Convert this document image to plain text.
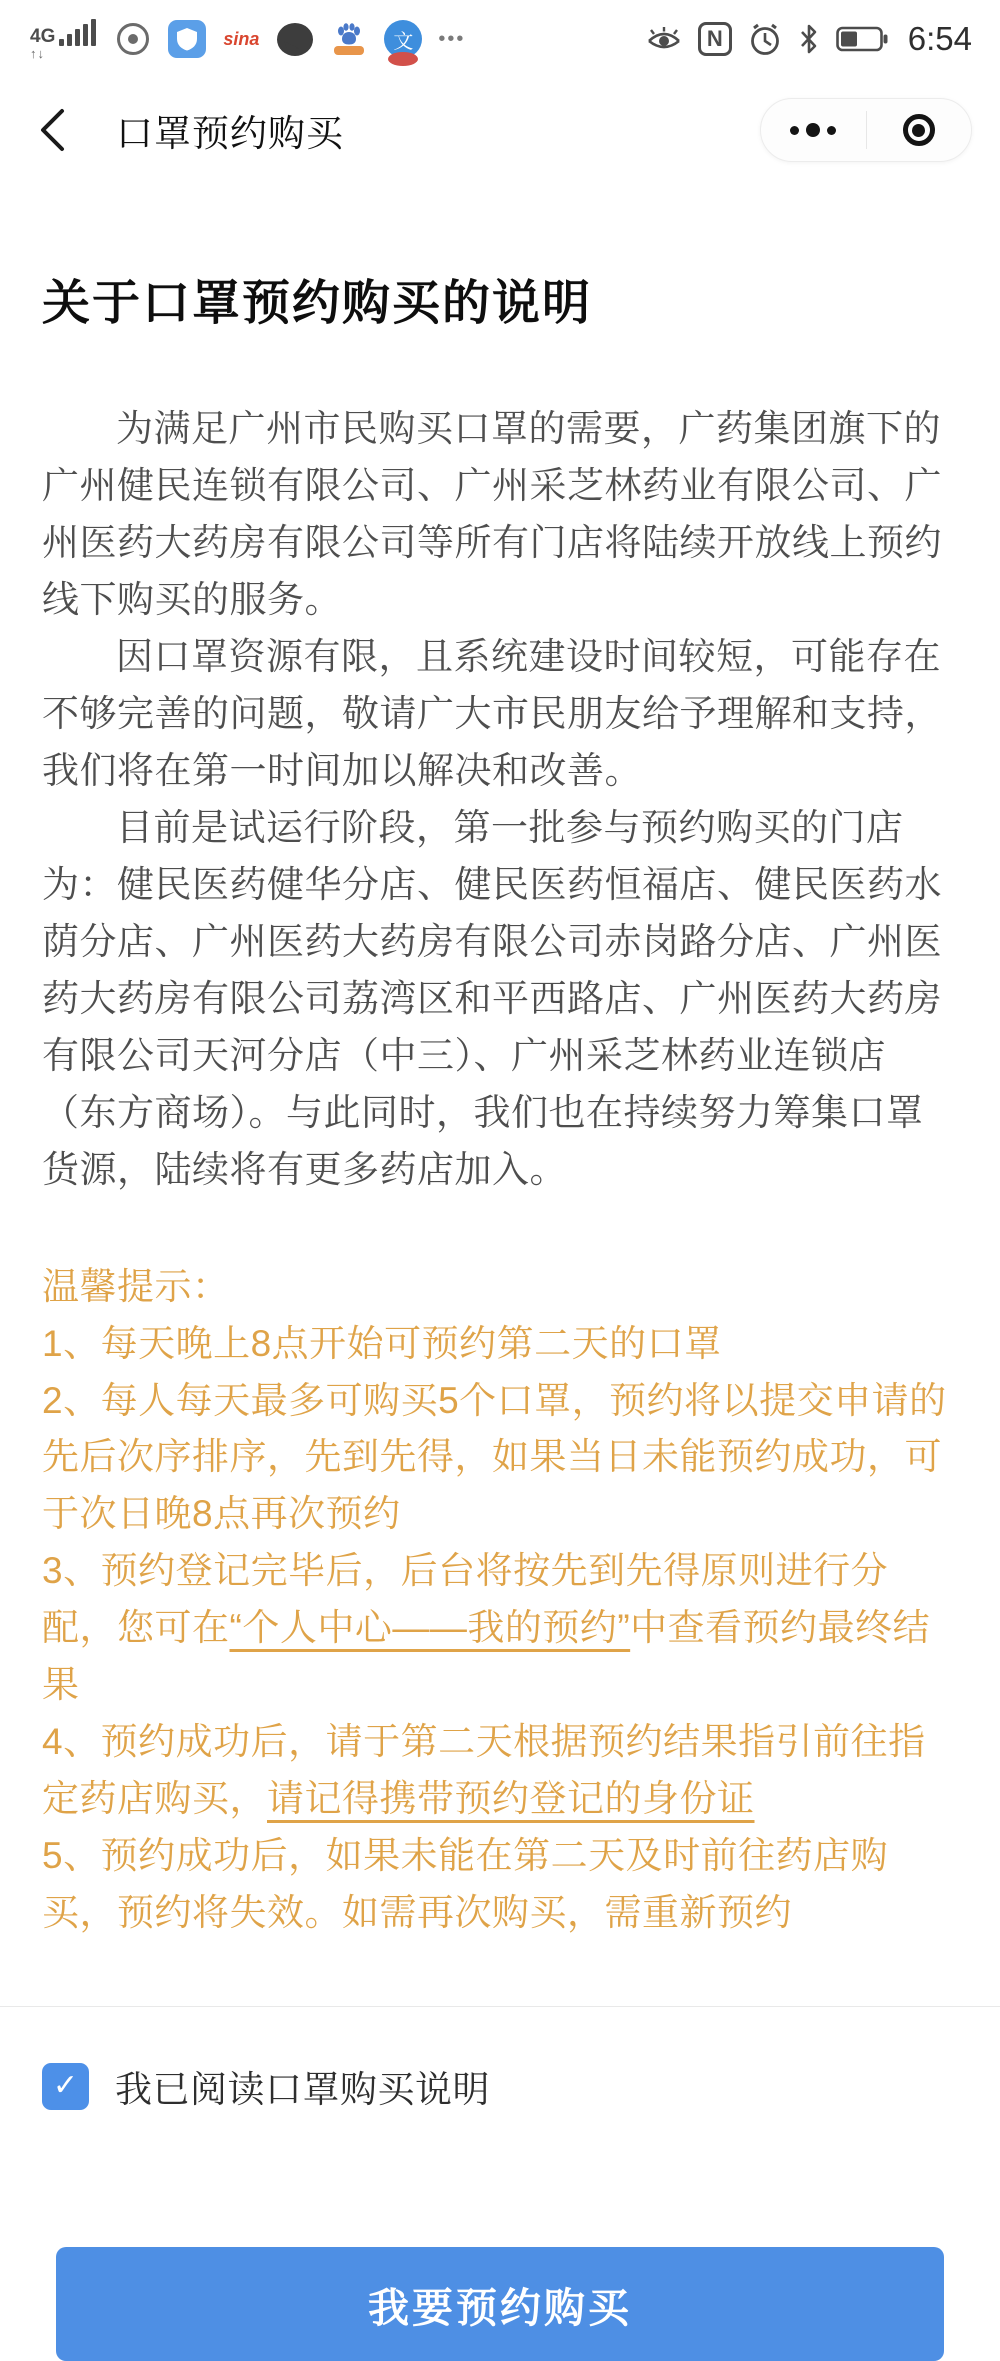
4G
↑↓
sina	文 •••	N	6:54
口罩预约购买
关于口罩预约购买的说明

为满足广州市民购买口罩的需要，广药集团旗下的广州健民连锁有限公司、广州采芝林药业有限公司、广州医药大药房有限公司等所有门店将陆续开放线上预约线下购买的服务。

因口罩资源有限，且系统建设时间较短，可能存在不够完善的问题，敬请广大市民朋友给予理解和支持，我们将在第一时间加以解决和改善。

目前是试运行阶段，第一批参与预约购买的门店为：健民医药健华分店、健民医药恒福店、健民医药水荫分店、广州医药大药房有限公司赤岗路分店、广州医药大药房有限公司荔湾区和平西路店、广州医药大药房有限公司天河分店（中三）、广州采芝林药业连锁店（东方商场）。与此同时，我们也在持续努力筹集口罩货源，陆续将有更多药店加入。

温馨提示：
1、每天晚上8点开始可预约第二天的口罩
2、每人每天最多可购买5个口罩，预约将以提交申请的先后次序排序，先到先得，如果当日未能预约成功，可于次日晚8点再次预约
3、预约登记完毕后，后台将按先到先得原则进行分配，您可在“个人中心——我的预约”中查看预约最终结果
4、预约成功后，请于第二天根据预约结果指引前往指定药店购买，请记得携带预约登记的身份证
5、预约成功后，如果未能在第二天及时前往药店购买，预约将失效。如需再次购买，需重新预约
✓ 我已阅读口罩购买说明
我要预约购买
